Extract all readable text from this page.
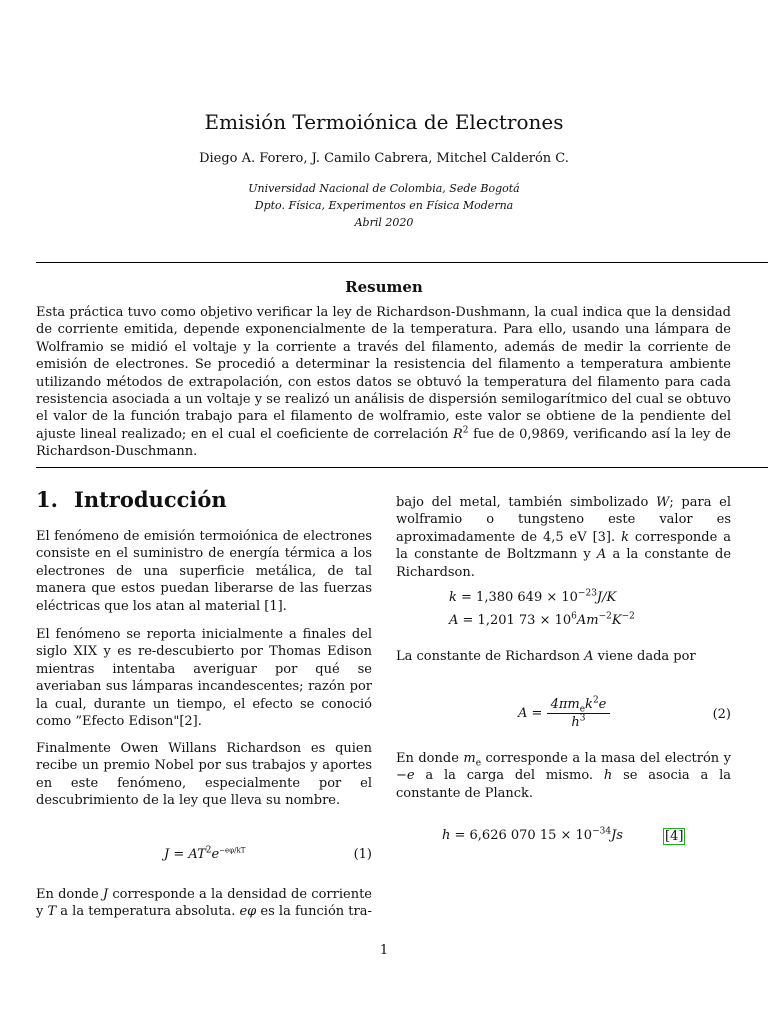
Emisión Termoiónica de Electrones
Diego A. Forero, J. Camilo Cabrera, Mitchel Calderón C.
Universidad Nacional de Colombia, Sede Bogotá
Dpto. Física, Experimentos en Física Moderna
Abril 2020
Resumen
Esta práctica tuvo como objetivo verificar la ley de Richardson-Dushmann, la cual indica que la densidad de corriente emitida, depende exponencialmente de la temperatura. Para ello, usando una lámpara de Wolframio se midió el voltaje y la corriente a través del filamento, además de medir la corriente de emisión de electrones. Se procedió a determinar la resistencia del filamento a temperatura ambiente utilizando métodos de extrapolación, con estos datos se obtuvó la temperatura del filamento para cada resistencia asociada a un voltaje y se realizó un análisis de dispersión semilogarítmico del cual se obtuvo el valor de la función trabajo para el filamento de wolframio, este valor se obtiene de la pendiente del ajuste lineal realizado; en el cual el coeficiente de correlación $R^2$ fue de 0,9869, verificando así la ley de Richardson-Duschmann.
1. Introducción
El fenómeno de emisión termoiónica de electrones consiste en el suministro de energía térmica a los electrones de una superficie metálica, de tal manera que estos puedan liberarse de las fuerzas eléctricas que los atan al material [1].
El fenómeno se reporta inicialmente a finales del siglo XIX y es re-descubierto por Thomas Edison mientras intentaba averiguar por qué se averiaban sus lámparas incandescentes; razón por la cual, durante un tiempo, el efecto se conoció como ”Efecto Edison"[2].
Finalmente Owen Willans Richardson es quien recibe un premio Nobel por sus trabajos y aportes en este fenómeno, especialmente por el descubrimiento de la ley que lleva su nombre.
$J = AT^2e^{-e\varphi/kT}$	(1)
En donde J corresponde a la densidad de corriente y T a la temperatura absoluta. eφ es la función tra-
bajo del metal, también simbolizado W; para el wolframio o tungsteno este valor es aproximadamente de 4,5 eV [3]. k corresponde a la constante de Boltzmann y A a la constante de Richardson.
k = 1,380 $649 \times 10^{-23}J/K$
A = 1,201 $73 \times 10^6Am^{-2}K^{-2}$
La constante de Richardson A viene dada por
$A = \frac{4\pi m_ek^2e}{h^3}$	(2)
En donde $m_e$ corresponde a la masa del electrón y −e a la carga del mismo. h se asocia a la constante de Planck.
h = 6,626 070 $15 \times 10^{-34}Js$	[4]
1
